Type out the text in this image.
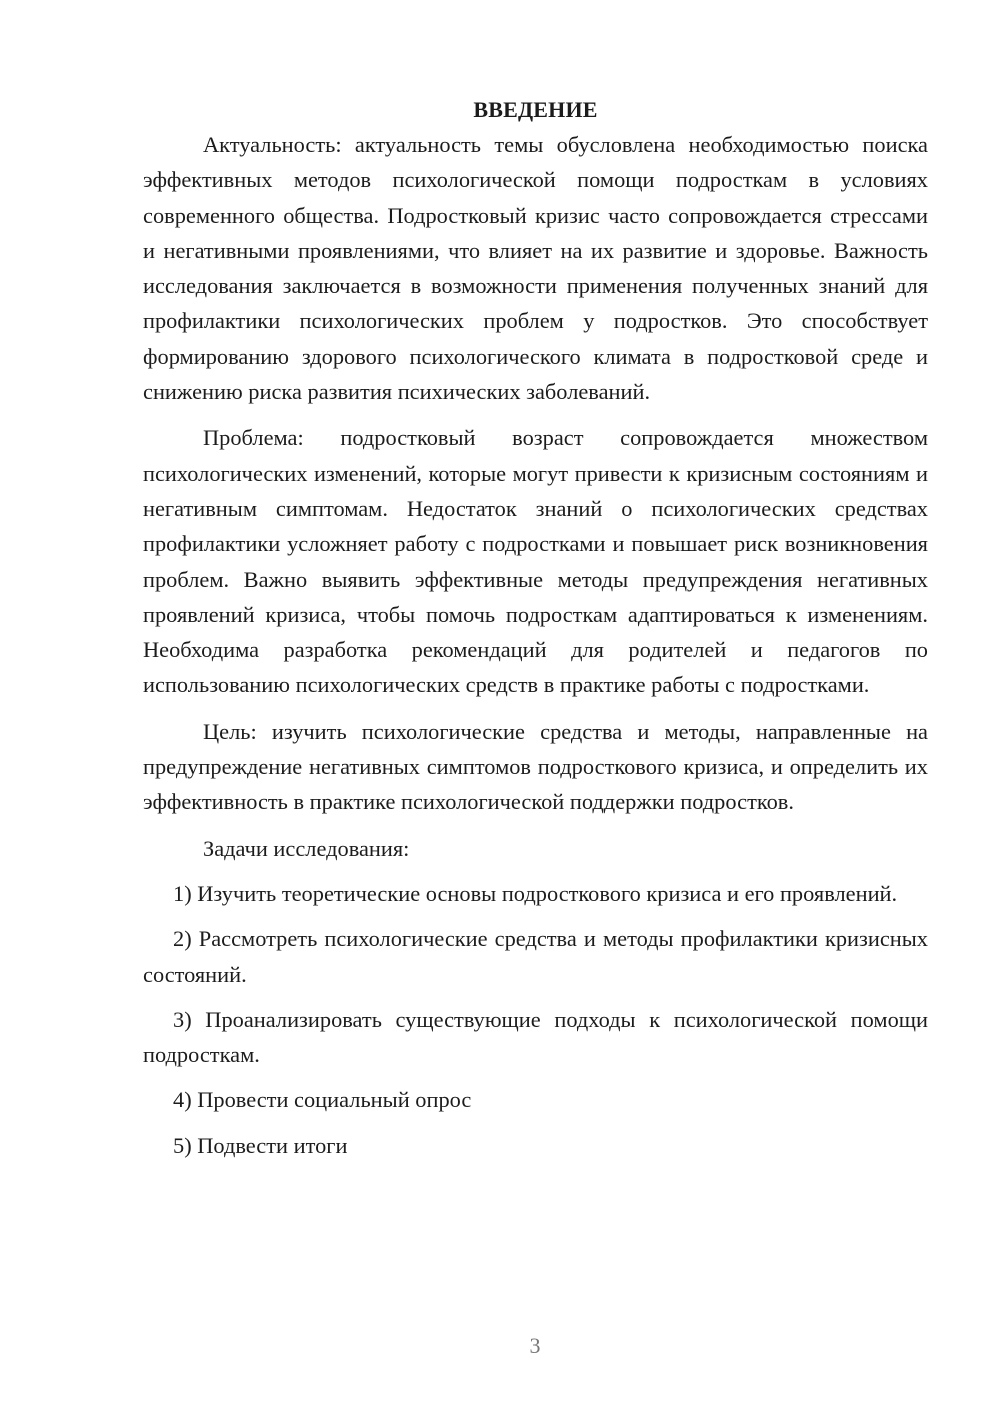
ВВЕДЕНИЕ

Актуальность: актуальность темы обусловлена необходимостью поиска эффективных методов психологической помощи подросткам в условиях современного общества. Подростковый кризис часто сопровождается стрессами и негативными проявлениями, что влияет на их развитие и здоровье. Важность исследования заключается в возможности применения полученных знаний для профилактики психологических проблем у подростков. Это способствует формированию здорового психологического климата в подростковой среде и снижению риска развития психических заболеваний.

Проблема: подростковый возраст сопровождается множеством психологических изменений, которые могут привести к кризисным состояниям и негативным симптомам. Недостаток знаний о психологических средствах профилактики усложняет работу с подростками и повышает риск возникновения проблем. Важно выявить эффективные методы предупреждения негативных проявлений кризиса, чтобы помочь подросткам адаптироваться к изменениям. Необходима разработка рекомендаций для родителей и педагогов по использованию психологических средств в практике работы с подростками.

Цель: изучить психологические средства и методы, направленные на предупреждение негативных симптомов подросткового кризиса, и определить их эффективность в практике психологической поддержки подростков.

Задачи исследования:

1) Изучить теоретические основы подросткового кризиса и его проявлений.

2) Рассмотреть психологические средства и методы профилактики кризисных состояний.

3) Проанализировать существующие подходы к психологической помощи подросткам.

4) Провести социальный опрос

5) Подвести итоги

3
